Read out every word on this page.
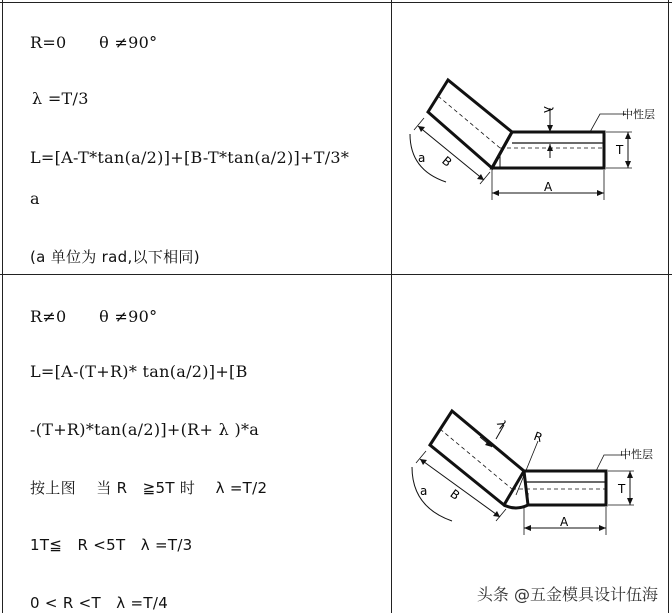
R=0　　θ ≠90°
λ =T/3
L=[A-T*tan(a/2)]+[B-T*tan(a/2)]+T/3*
a
(a 单位为 rad,以下相同)
R≠0　　θ ≠90°
L=[A-(T+R)* tan(a/2)]+[B
-(T+R)*tan(a/2)]+(R+ λ )*a
按上图　 当 R　≧5T 时　 λ =T/2
1T≦　R <5T　λ =T/3
0 < R <T　λ =T/4
中性层
λ
T
A
B
a
R
λ
中性层
T
A
B
a
头条 @五金模具设计伍海
